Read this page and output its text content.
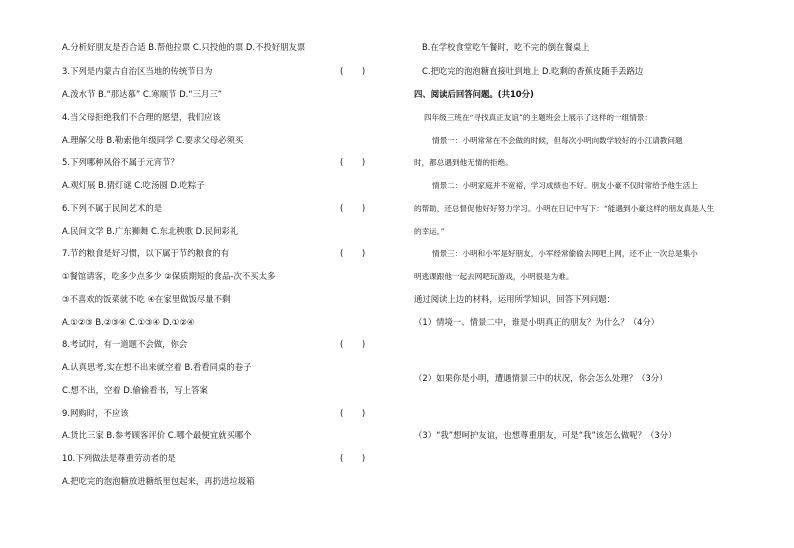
A.分析好朋友是否合适 B.帮他拉票 C.只投他的票 D.不投好朋友票
3.下列是内蒙古自治区当地的传统节日为	(       )
A.泼水节 B.“那达慕” C.寒顺节 D.“三月三”
4.当父母拒绝我们不合理的愿望，我们应该
A.理解父母 B.勒索他年级同学 C.要求父母必须买
5.下列哪种风俗不属于元宵节？	(       )
A.观灯展 B.猜灯谜 C.吃汤圆 D.吃粽子
6.下列不属于民间艺术的是	(       )
A.民间文学 B.广东狮舞 C.东北秧歌 D.民间彩礼
7.节约粮食是好习惯，以下属于节约粮食的有	(       )
①餐馆请客，吃多少点多少 ②保质期短的食品-次不买太多
③不喜欢的饭菜就不吃 ④在家里做饭尽量不剩
A.①②③ B.②③④ C.①③④ D.①②④
8.考试时，有一道题不会做，你会	(       )
A.认真思考,实在想不出来就空着 B.看看同桌的卷子
C.想不出，空着 D.偷偷看书，写上答案
9.网购时，不应该	(       )
A.货比三家 B.参考顾客评价 C.哪个最便宜就买哪个
10.下列做法是尊重劳动者的是	(       )
A.把吃完的泡泡糖放进糖纸里包起来，再扔进垃圾箱
B.在学校食堂吃午餐时，吃不完的倒在餐桌上
C.把吃完的泡泡糖直接吐到地上 D.吃剩的香蕉皮随手丢路边
四、阅读后回答问题。(共10分)
四年级三班在“寻找真正友谊”的主题班会上展示了这样的一组情景：
情景一：小明常常在不会做的时候，但每次小明向数学较好的小江请教问题
时，都总遇到他无情的拒绝。
情景二：小明家庭并不宽裕，学习成绩也不好。朋友小豪不仅时常给予他生活上
的帮助，还总督促他好好努力学习。小明在日记中写下：“能遇到小豪这样的朋友真是人生
的幸运。”
情景三：小明和小军是好朋友，小军经常偷偷去网吧上网，还不止一次总是集小
明逃课跟他一起去网吧玩游戏，小明很是为难。
通过阅读上边的材料，运用所学知识，回答下列问题：
（1）情境一、情景二中，谁是小明真正的朋友？为什么？（4分）
（2）如果你是小明，遭遇情景三中的状况，你会怎么处理？（3分）
（3）“我”想呵护友谊，也想尊重朋友，可是“我”该怎么做呢？（3分）
